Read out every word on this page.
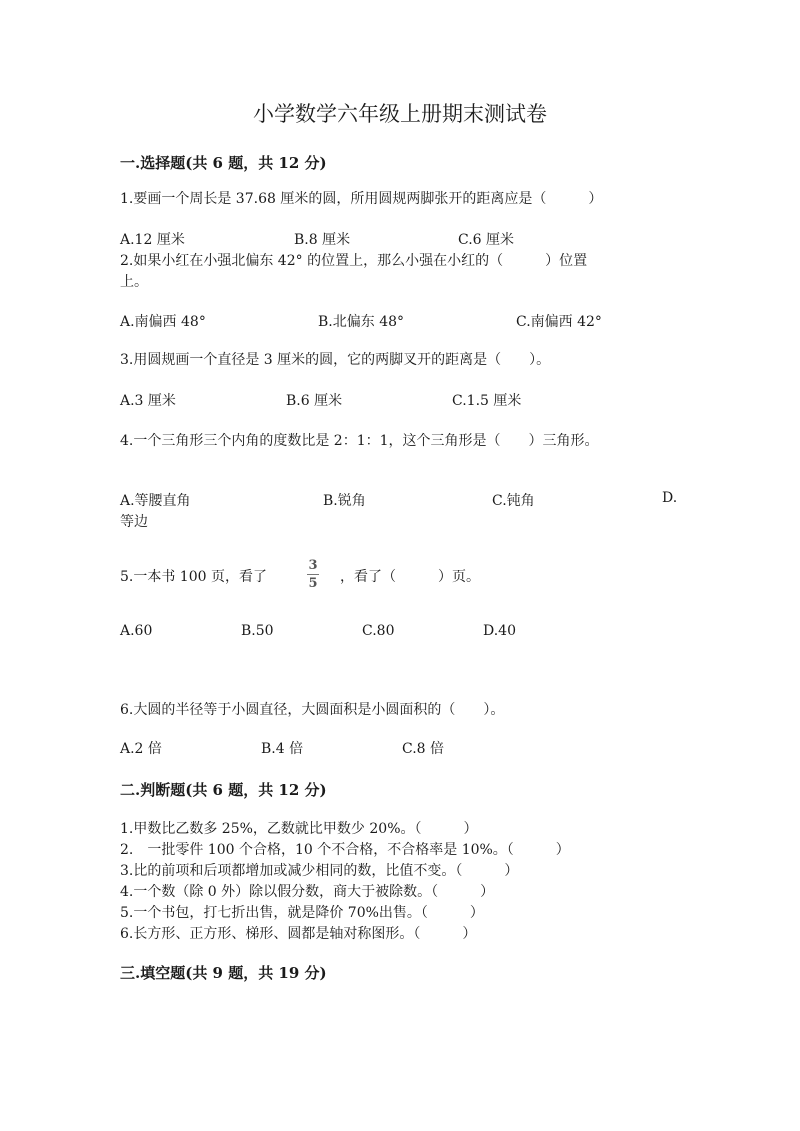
小学数学六年级上册期末测试卷
一.选择题(共 6 题，共 12 分)
1.要画一个周长是 37.68 厘米的圆，所用圆规两脚张开的距离应是（　　　）
A.12 厘米	B.8 厘米	C.6 厘米
2.如果小红在小强北偏东 42° 的位置上，那么小强在小红的（　　　）位置
上。
A.南偏西 48°	B.北偏东 48°	C.南偏西 42°
3.用圆规画一个直径是 3 厘米的圆，它的两脚叉开的距离是（　　）。
A.3 厘米	B.6 厘米	C.1.5 厘米
4.一个三角形三个内角的度数比是 2：1：1，这个三角形是（　　）三角形。
A.等腰直角	B.锐角	C.钝角	D.
等边
5.一本书 100 页，看了
3
5 ，看了（　　　）页。
A.60	B.50	C.80	D.40
6.大圆的半径等于小圆直径，大圆面积是小圆面积的（　　）。
A.2 倍	B.4 倍	C.8 倍
二.判断题(共 6 题，共 12 分)
1.甲数比乙数多 25%，乙数就比甲数少 20%。（　　　）
2.　一批零件 100 个合格，10 个不合格，不合格率是 10%。（　　　）
3.比的前项和后项都增加或减少相同的数，比值不变。（　　　）
4.一个数（除 0 外）除以假分数，商大于被除数。（　　　）
5.一个书包，打七折出售，就是降价 70%出售。（　　　）
6.长方形、正方形、梯形、圆都是轴对称图形。（　　　）
三.填空题(共 9 题，共 19 分)
